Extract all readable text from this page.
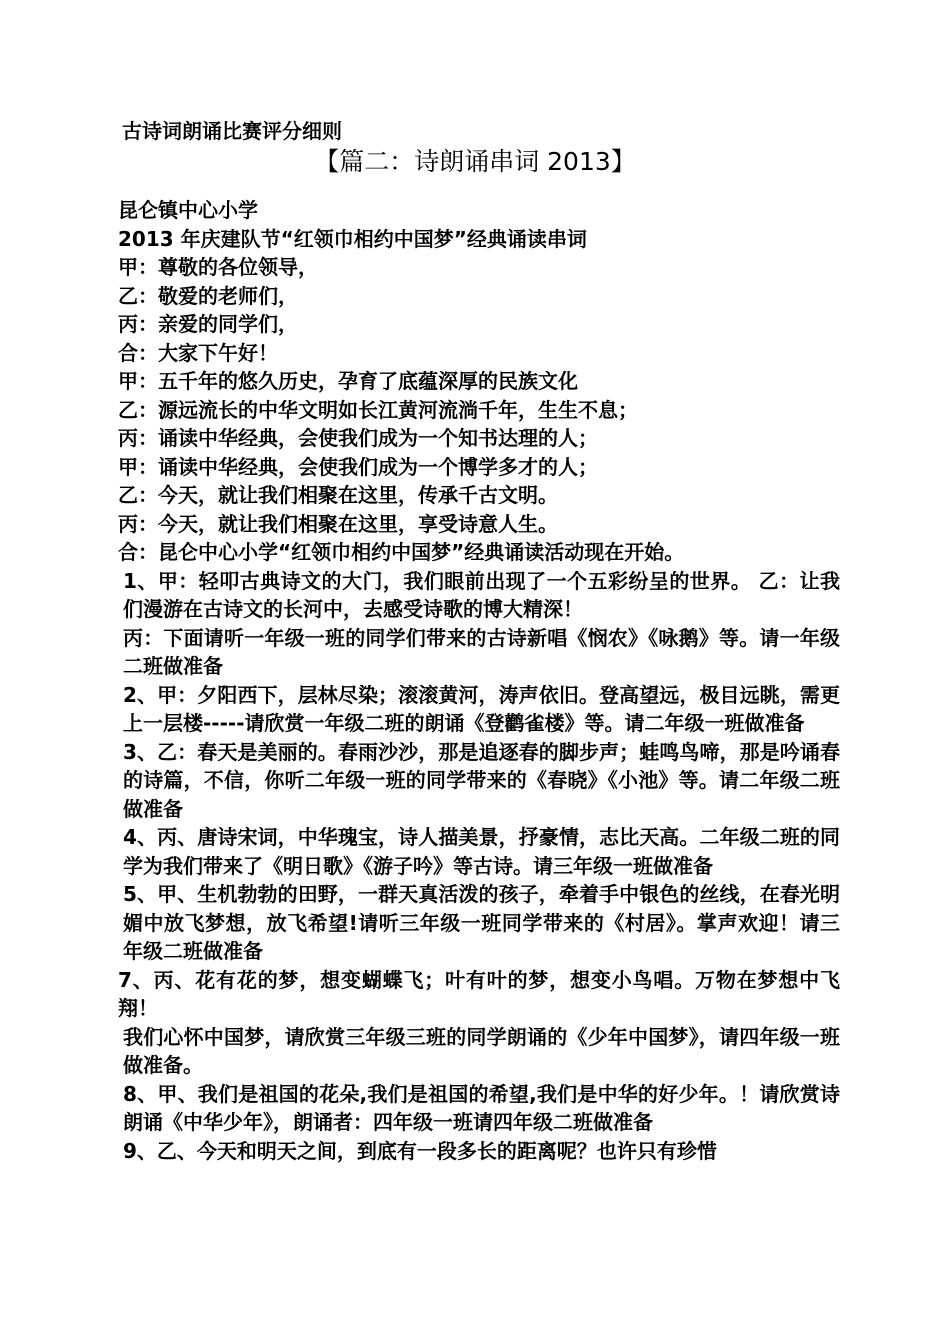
古诗词朗诵比赛评分细则
【篇二：诗朗诵串词 2013】
昆仑镇中心小学
2013 年庆建队节“红领巾相约中国梦”经典诵读串词
甲：尊敬的各位领导，
乙：敬爱的老师们，
丙：亲爱的同学们，
合：大家下午好！
甲：五千年的悠久历史，孕育了底蕴深厚的民族文化
乙：源远流长的中华文明如长江黄河流淌千年，生生不息；
丙：诵读中华经典，会使我们成为一个知书达理的人；
甲：诵读中华经典，会使我们成为一个博学多才的人；
乙：今天，就让我们相聚在这里，传承千古文明。
丙：今天，就让我们相聚在这里，享受诗意人生。
合：昆仑中心小学“红领巾相约中国梦”经典诵读活动现在开始。
1、甲：轻叩古典诗文的大门，我们眼前出现了一个五彩纷呈的世界。 乙：让我们漫游在古诗文的长河中，去感受诗歌的博大精深！
丙：下面请听一年级一班的同学们带来的古诗新唱《悯农》《咏鹅》等。请一年级二班做准备
2、甲：夕阳西下，层林尽染；滚滚黄河，涛声依旧。登高望远，极目远眺，需更上一层楼-----请欣赏一年级二班的朗诵《登鹳雀楼》等。请二年级一班做准备
3、乙：春天是美丽的。春雨沙沙，那是追逐春的脚步声；蛙鸣鸟啼，那是吟诵春的诗篇，不信，你听二年级一班的同学带来的《春晓》《小池》等。请二年级二班做准备
4、丙、唐诗宋词，中华瑰宝，诗人描美景，抒豪情，志比天高。二年级二班的同学为我们带来了《明日歌》《游子吟》等古诗。请三年级一班做准备
5、甲、生机勃勃的田野，一群天真活泼的孩子，牵着手中银色的丝线，在春光明媚中放飞梦想，放飞希望!请听三年级一班同学带来的《村居》。掌声欢迎！请三年级二班做准备
7、丙、花有花的梦，想变蝴蝶飞；叶有叶的梦，想变小鸟唱。万物在梦想中飞翔！
我们心怀中国梦，请欣赏三年级三班的同学朗诵的《少年中国梦》，请四年级一班做准备。
8、甲、我们是祖国的花朵,我们是祖国的希望,我们是中华的好少年。！请欣赏诗朗诵《中华少年》，朗诵者：四年级一班请四年级二班做准备
9、乙、今天和明天之间，到底有一段多长的距离呢？也许只有珍惜
